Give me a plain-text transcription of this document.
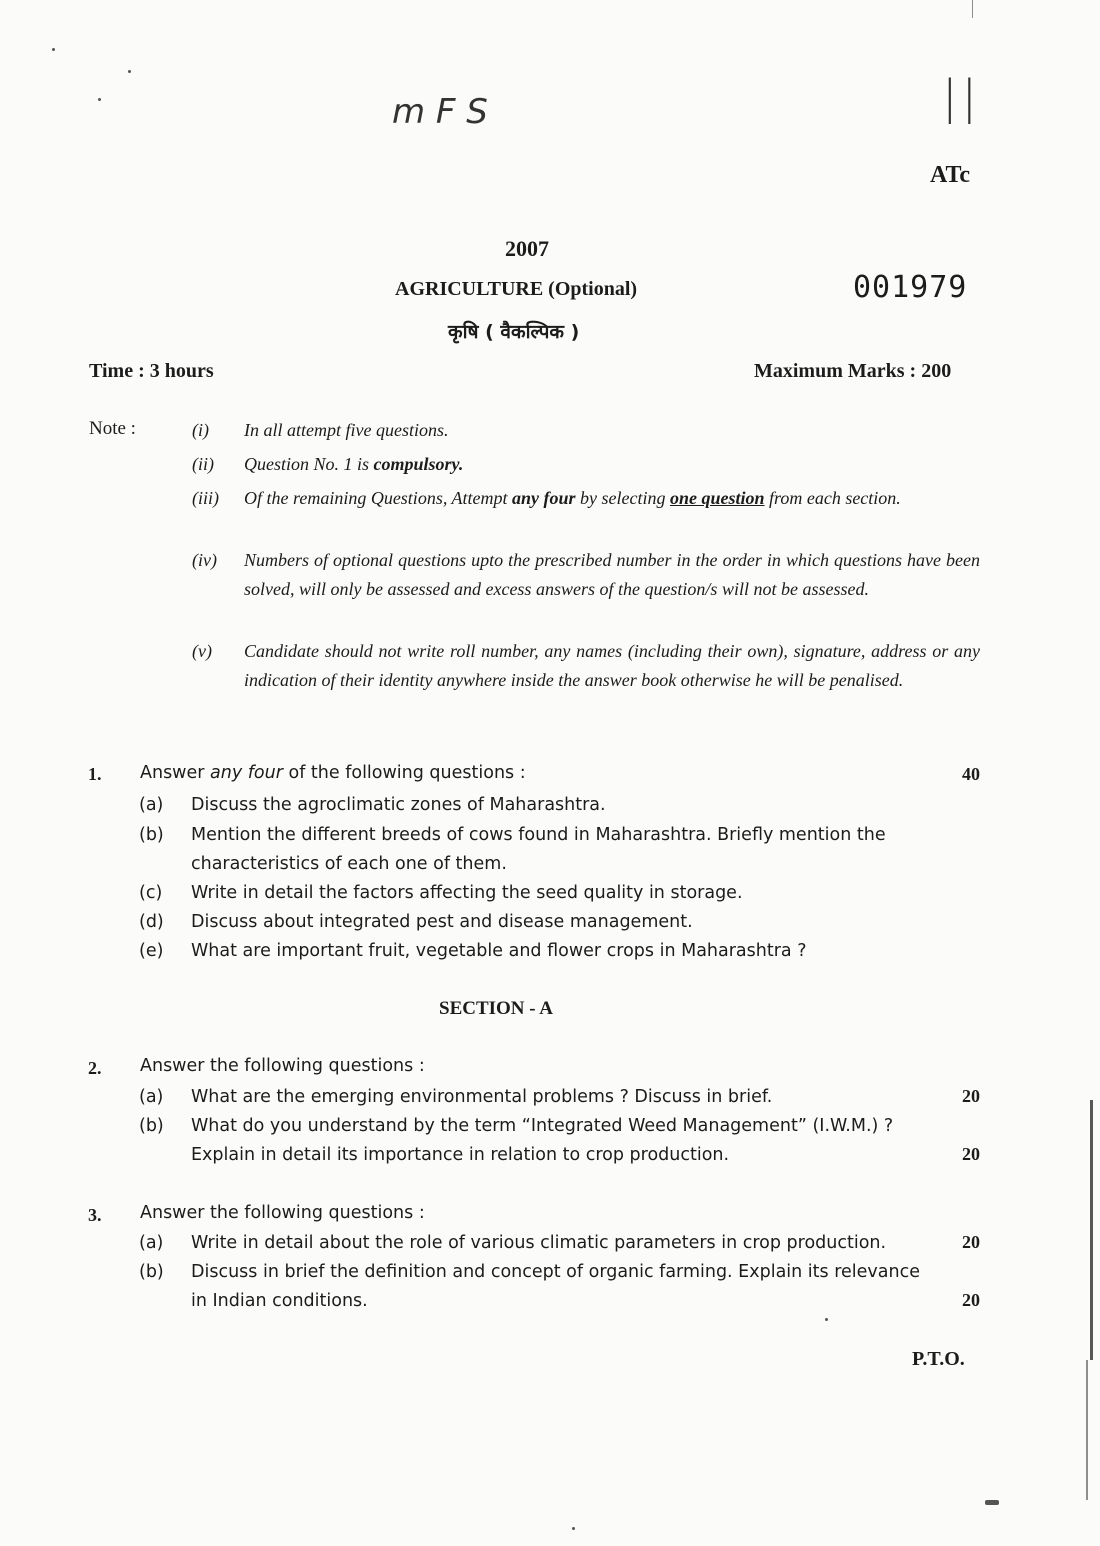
m F S	||
ATc
2007
AGRICULTURE (Optional)	001979
कृषि ( वैकल्पिक )
Time : 3 hours	Maximum Marks : 200
Note :	(i) In all attempt five questions.
(ii) Question No. 1 is compulsory.
(iii) Of the remaining Questions, Attempt any four by selecting one question from each section.
(iv) Numbers of optional questions upto the prescribed number in the order in which questions have been solved, will only be assessed and excess answers of the question/s will not be assessed.
(v) Candidate should not write roll number, any names (including their own), signature, address or any indication of their identity anywhere inside the answer book otherwise he will be penalised.
1. Answer any four of the following questions :	40
(a) Discuss the agroclimatic zones of Maharashtra.
(b) Mention the different breeds of cows found in Maharashtra. Briefly mention the characteristics of each one of them.
(c) Write in detail the factors affecting the seed quality in storage.
(d) Discuss about integrated pest and disease management.
(e) What are important fruit, vegetable and flower crops in Maharashtra ?
SECTION - A
2. Answer the following questions :
(a) What are the emerging environmental problems ? Discuss in brief.	20
(b) What do you understand by the term “Integrated Weed Management” (I.W.M.) ? Explain in detail its importance in relation to crop production.	20
3. Answer the following questions :
(a) Write in detail about the role of various climatic parameters in crop production.	20
(b) Discuss in brief the definition and concept of organic farming. Explain its relevance in Indian conditions.	20
P.T.O.
